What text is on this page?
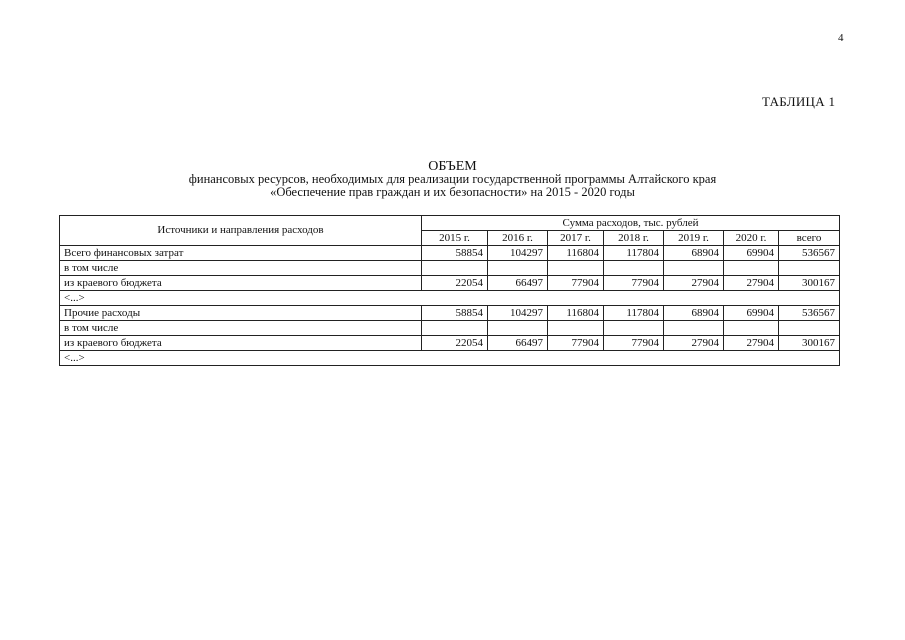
4
ТАБЛИЦА 1
ОБЪЕМ
финансовых ресурсов, необходимых для реализации государственной программы Алтайского края
«Обеспечение прав граждан и их безопасности» на 2015 - 2020 годы
Источники и направления расходов	Сумма расходов, тыс. рублей						
	2015 г.	2016 г.	2017 г.	2018 г.	2019 г.	2020 г.	всего
Всего финансовых затрат	58854	104297	116804	117804	68904	69904	536567
в том числе							
из краевого бюджета	22054	66497	77904	77904	27904	27904	300167
<...>							
Прочие расходы	58854	104297	116804	117804	68904	69904	536567
в том числе							
из краевого бюджета	22054	66497	77904	77904	27904	27904	300167
<...>							
